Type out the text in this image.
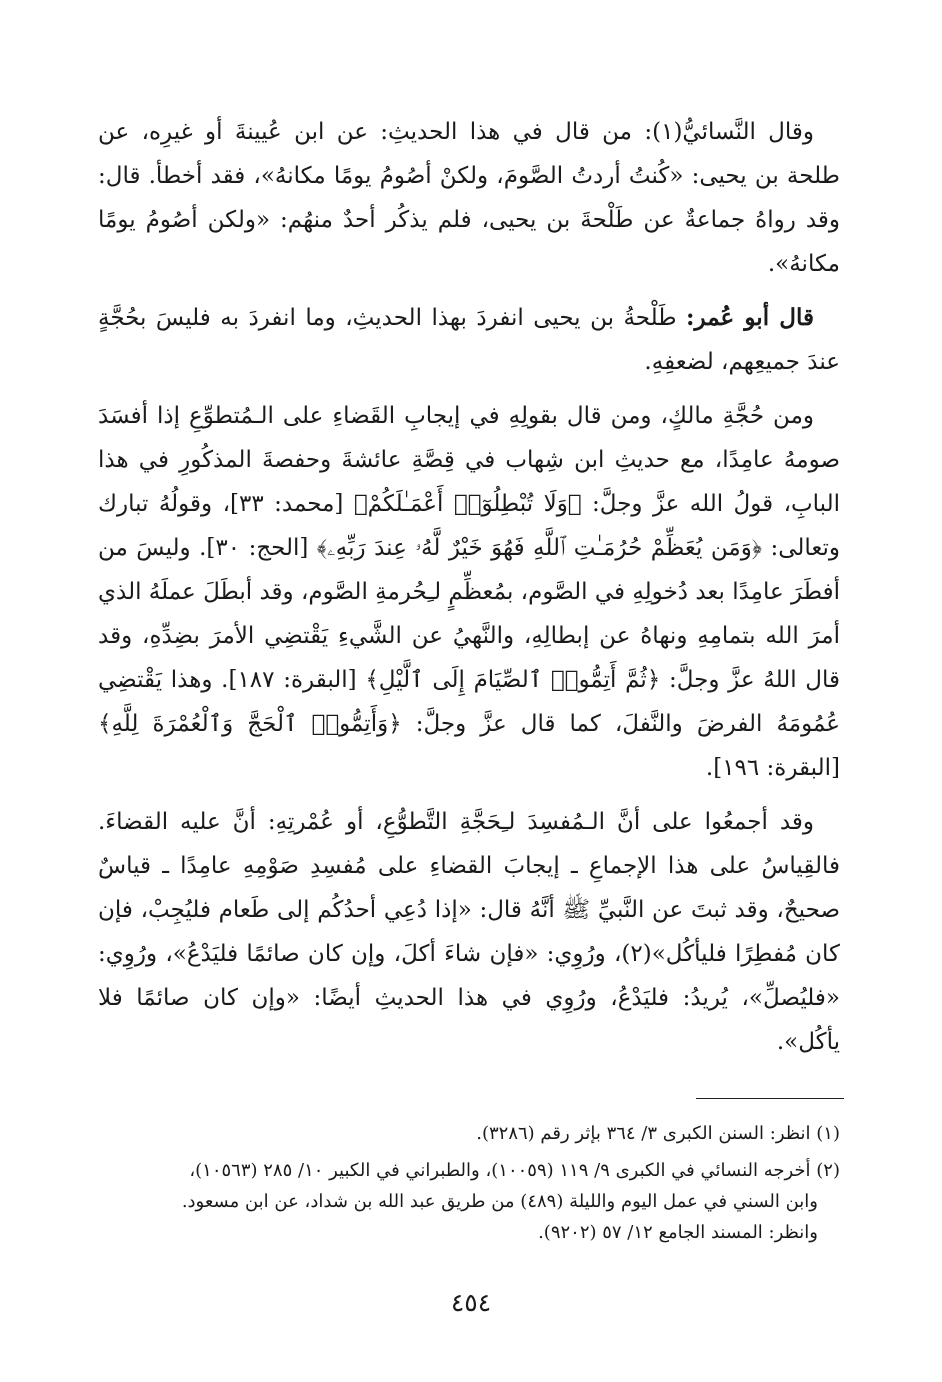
وقال النَّسائيُّ(١): من قال في هذا الحديثِ: عن ابن عُيينةَ أو غيرِه، عن طلحة بن يحيى: «كُنتُ أردتُ الصَّومَ، ولكنْ أصُومُ يومًا مكانهُ»، فقد أخطأ. قال: وقد رواهُ جماعةٌ عن طَلْحةَ بن يحيى، فلم يذكُر أحدٌ منهُم: «ولكن أصُومُ يومًا مكانهُ».

قال أبو عُمر: طَلْحةُ بن يحيى انفردَ بهذا الحديثِ، وما انفردَ به فليسَ بحُجَّةٍ عندَ جميعِهم، لضعفِهِ.

ومن حُجَّةِ مالكٍ، ومن قال بقولِهِ في إيجابِ القَضاءِ على الـمُتطوِّعِ إذا أفسَدَ صومهُ عامِدًا، مع حديثِ ابن شِهاب في قِصَّةِ عائشةَ وحفصةَ المذكُورِ في هذا البابِ، قولُ الله عزَّ وجلَّ: ﴿وَلَا تُبْطِلُوٓا۟ أَعْمَـٰلَكُمْ﴾ [محمد: ٣٣]، وقولُهُ تبارك وتعالى: ﴿وَمَن يُعَظِّمْ حُرُمَـٰتِ ٱللَّهِ فَهُوَ خَيْرٌ لَّهُۥ عِندَ رَبِّهِۦ﴾ [الحج: ٣٠]. وليسَ من أفطَرَ عامِدًا بعد دُخولِهِ في الصَّوم، بمُعظِّمٍ لـِحُرمةِ الصَّوم، وقد أبطَلَ عملَهُ الذي أمرَ الله بتمامِهِ ونهاهُ عن إبطالِهِ، والنَّهيُ عن الشَّيءِ يَقْتضِي الأمرَ بضِدِّهِ، وقد قال اللهُ عزَّ وجلَّ: ﴿ثُمَّ أَتِمُّوا۟ ٱلصِّيَامَ إِلَى ٱلَّيْلِ﴾ [البقرة: ١٨٧]. وهذا يَقْتضِي عُمُومَهُ الفرضَ والنَّفلَ، كما قال عزَّ وجلَّ: ﴿وَأَتِمُّوا۟ ٱلْحَجَّ وَٱلْعُمْرَةَ لِلَّهِ﴾ [البقرة: ١٩٦].

وقد أجمعُوا على أنَّ الـمُفسِدَ لـِحَجَّةِ التَّطوُّعِ، أو عُمْرتِهِ: أنَّ عليه القضاءَ. فالقِياسُ على هذا الإجماعِ ـ إيجابَ القضاءِ على مُفسِدِ صَوْمِهِ عامِدًا ـ قياسٌ صحيحٌ، وقد ثبتَ عن النَّبيِّ ﷺ أنَّهُ قال: «إذا دُعِي أحدُكُم إلى طَعام فليُجِبْ، فإن كان مُفطِرًا فليأكُل»(٢)، ورُوِي: «فإن شاءَ أكلَ، وإن كان صائمًا فليَدْعُ»، ورُوِي: «فليُصلِّ»، يُريدُ: فليَدْعُ، ورُوِي في هذا الحديثِ أيضًا: «وإن كان صائمًا فلا يأكُل».

(١) انظر: السنن الكبرى ٣/ ٣٦٤ بإثر رقم (٣٢٨٦).

(٢) أخرجه النسائي في الكبرى ٩/ ١١٩ (١٠٠٥٩)، والطبراني في الكبير ١٠/ ٢٨٥ (١٠٥٦٣)،
وابن السني في عمل اليوم والليلة (٤٨٩) من طريق عبد الله بن شداد، عن ابن مسعود.
وانظر: المسند الجامع ١٢/ ٥٧ (٩٢٠٢).

٤٥٤
